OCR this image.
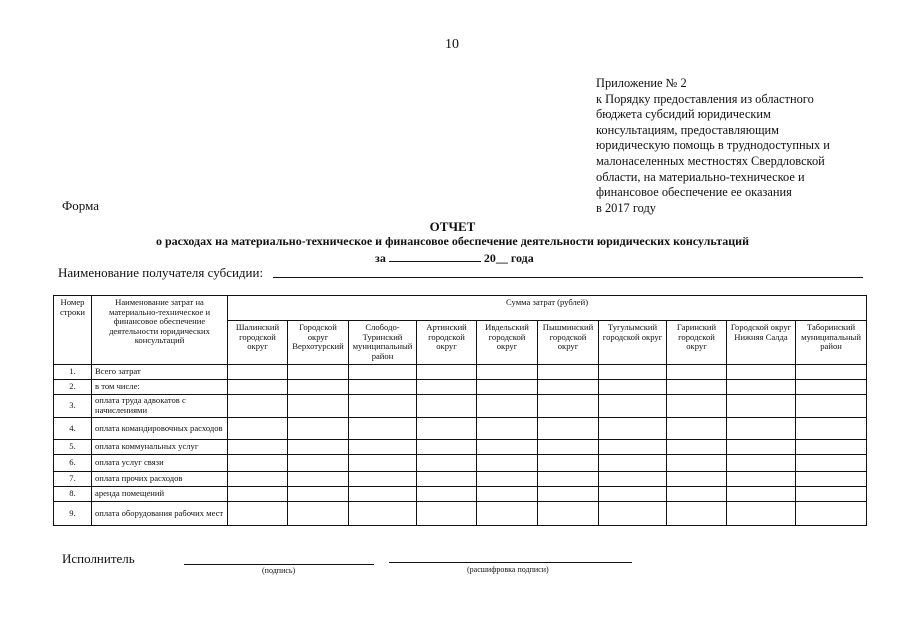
10
Приложение № 2
к Порядку предоставления из областного
бюджета субсидий юридическим
консультациям, предоставляющим
юридическую помощь в труднодоступных и
малонаселенных местностях Свердловской
области, на материально-техническое и
финансовое обеспечение ее оказания
в 2017 году
Форма
ОТЧЕТ
о расходах на материально-техническое и финансовое обеспечение деятельности юридических консультаций
за	20__ года
Наименование получателя субсидии:
Номер строки	Наименование затрат на материально-техническое и финансовое обеспечение деятельности юридических консультаций	Сумма затрат (рублей)									
		Шалинский городской округ	Городской округ Верхотурский	Слободо-Туринский муниципальный район	Артинский городской округ	Ивдельский городской округ	Пышминский городской округ	Тугулымский городской округ	Гаринский городской округ	Городской округ Нижняя Салда	Таборинский муниципальный район
1.	Всего затрат										
2.	в том числе:										
3.	оплата труда адвокатов с начислениями										
4.	оплата командировочных расходов										
5.	оплата коммунальных услуг										
6.	оплата услуг связи										
7.	оплата прочих расходов										
8.	аренда помещений										
9.	оплата оборудования рабочих мест										
Исполнитель
(подпись)	(расшифровка подписи)
